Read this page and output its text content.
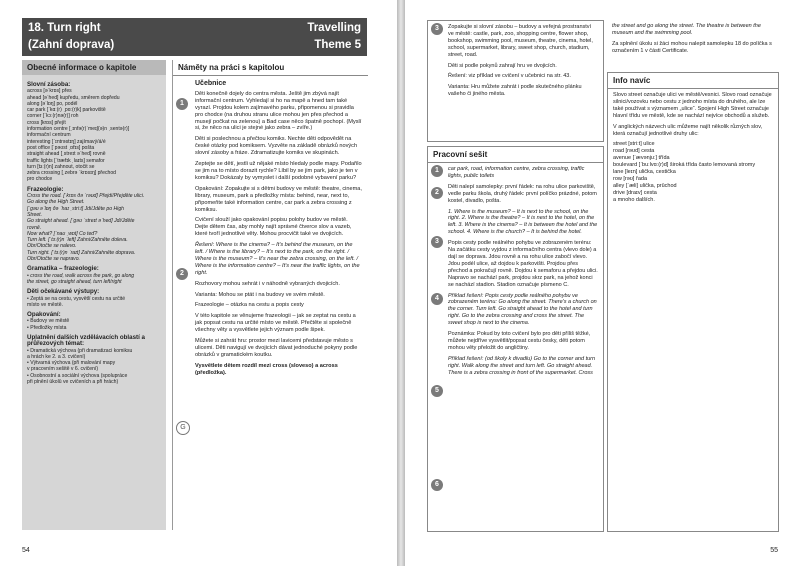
18. Turn right
(Zahní doprava)
Travelling
Theme 5
Obecné informace o kapitole
Slovní zásoba:
across [əˈkrɒs] přes
ahead [əˈhed] kupředu, směrem dopředu
along [əˈlɒŋ] po, podél
car park [ˈkɑː(r) ˌpɑː(r)k] parkoviště
corner [ˈkɔː(r)nə(r)] roh
cross [krɒs] přejít
information centre [ˌɪnfə(r)ˈmeɪʃ(ə)n ˌsentə(r)]
informační centrum
interesting [ˈɪntrəstɪŋ] zajímavý/á/é
post office [ˈpəʊst ˌɒfɪs] pošta
straight ahead [ˌstreɪt əˈhed] rovně
traffic lights [ˈtræfɪk ˌlaɪts] semafor
turn [tɜː(r)n] zahnout, otočit se
zebra crossing [ˌzebrə ˈkrɒsɪŋ] přechod
pro chodce
Frazeologie:
Cross the road. [ˈkrɒs ðə ˈrəʊd] Přejdi/Přejděte ulici.
Go along the High Street.
[ˈɡəʊ əˈlɒŋ ðə ˈhaɪ ˌstriːt] Jdi/Jděte po High
Street.
Go straight ahead. [ˈɡəʊ ˈstreɪt əˈhed] Jdi/Jděte
rovně.
Now what? [ˈnaʊ ˌwɒt] Co teď?
Turn left. [ˈtɜː(r)n ˈleft] Zahni/Zahněte doleva.
Obr/Otočte se nalevo.
Turn right. [ˈtɜː(r)n ˈraɪt] Zahni/Zahněte doprava.
Obr/Otočte se napravo.
Gramatika – frazeologie:
• cross the road, walk across the park, go along
the street, go straight ahead, turn left/right
Děti očekávané výstupy:
• Zeptá se na cestu, vysvětlí cestu na určité
místo ve městě.
Opakování:
• Budovy ve městě
• Předložky místa
Uplatnění dalších vzdělávacích oblastí a průřezových témat:
• Dramatická výchova (při dramatizaci komiksu
a hrách ke 2. a 3. cvičení)
• Výtvarná výchova (při malování mapy
v pracovním sešitě v 6. cvičení)
• Osobnostní a sociální výchova (spolupráce
při plnění úkolů ve cvičeních a při hrách)
Náměty na práci s kapitolou
Učebnice
1
Děti konečně dojely do centra města. Ještě jim zbývá najít informační centrum. Vyhledají si ho na mapě a hned tam také vyrazí. Projdou kolem zajímavého parku, připomenou si pravidla pro chodce (na druhou stranu ulice mohou jen přes přechod a musejí počkat na zelenou) a Bad case něco špatně pochopí. (Myslí si, že něco na ulici je stejné jako zebra – zvíře.)
Děti si poslechnou a přečtou komiks. Nechte děti odpovědět na české otázky pod komiksem. Vyzvěte na základě obrázků nových slovní zásoby a fráze. Zdramatizujte komiks ve skupinách.
Zeptejte se dětí, jestli už nějaké místo hledaly podle mapy. Podařilo se jim na to místo dorazit rychle? Líbil by se jim park, jako je ten v komiksu? Dokázaly by vymyslet i další podobné vybavení parku?
2
Opakování: Zopakujte si s dětmi budovy ve městě: theatre, cinema, library, museum, park a předložky místa: behind, near, next to, připomeňte také information centre, car park a zebra crossing z komiksu.
Cvičení slouží jako opakování popisu polohy budov ve městě. Dejte dětem čas, aby mohly najít správné čtverce slov a vazeb, které tvoří jednotlivé věty. Mohou procvičit také ve dvojicích.
Řešení: Where is the cinema? – It's behind the museum, on the left. / Where is the library? – It's next to the park, on the right. / Where is the museum? – It's near the zebra crossing, on the left. / Where is the information centre? – It's near the traffic lights, on the right.
Rozhovory mohou sehrát i v náhodně vybraných dvojicích.
Varianta: Mohou se ptát i na budovy ve svém městě.
G
Frazeologie – otázka na cestu a popis cesty
V této kapitole se věnujeme frazeologii – jak se zeptat na cestu a jak popsat cestu na určité místo ve městě. Přečtěte si společně všechny věty a vysvětlete jejich význam podle šipek.
Můžete si zahrát hru: prostor mezi lavicemi představuje město s ulicemi. Děti navigují ve dvojicích dávat jednoduché pokyny podle obrázků v gramatickém koutku.
Vysvětlete dětem rozdíl mezi cross (sloveso) a across (předložka).
54
3	Zopakujte si slovní zásobu – budovy a veřejná prostranství ve městě: castle, park, zoo, shopping centre, flower shop, bookshop, swimming pool, museum, theatre, cinema, hotel, school, supermarket, library, sweet shop, church, stadium, street, road.
Děti si podle pokynů zahrají hru ve dvojicích.
Řešení: viz příklad ve cvičení v učebnici na str. 43.
Varianta: Hru můžete zahrát i podle skutečného plánku vašeho či jiného města.
Pracovní sešit
1	car park, road, information centre, zebra crossing, traffic lights, public toilets
2
Děti nalepí samolepky: první řádek: na rohu ulice parkoviště, vedle parku škola, druhý řádek: první políčko prázdné, potom kostel, divadlo, pošta.
3
1. Where is the museum? – It is next to the school, on the right. 2. Where is the theatre? – It is next to the hotel, on the left. 3. Where is the cinema? – It is between the hotel and the school. 4. Where is the church? – It is behind the hotel.
4
Popis cesty podle reálného pohybu ve zobrazeném terénu: Na začátku cesty vyjdou z informačního centra (vlevo dole) a dají se doprava. Jdou rovně a na rohu ulice zabočí vlevo. Jdou podél ulice, až dojdou k parkovišti. Projdou přes přechod a pokračují rovně. Dojdou k semaforu a přejdou ulici. Napravo se nachází park, projdou skrz park, na jehož konci se nachází stadion. Stadion označuje písmeno C.
5
Příklad řešení: Popis cesty podle reálného pohybu ve zobrazeném terénu: Go along the street. There's a church on the corner. Turn left. Go straight ahead to the hotel and turn right. Go to the zebra crossing and cross the street. The sweet shop is next to the cinema.
Poznámka: Pokud by toto cvičení bylo pro děti příliš těžké, můžete nejdříve vysvětlit/popsat cestu česky, děti potom mohou věty přeložit do angličtiny.
6
Příklad řešení: (od školy k divadlu) Go to the corner and turn right. Walk along the street and turn left. Go straight ahead. There is a zebra crossing in front of the supermarket. Cross
the street and go along the street. The theatre is between the museum and the swimming pool.
Za splnění úkolu si žáci mohou nalepit samolepku 18 do políčka s označením 1 v části Certificate.
Info navíc
Slovo street označuje ulici ve městě/vesnici. Slovo road označuje silnici/vozovku nebo cestu z jednoho místa do druhého, ale lze také používat s významem „ulice“. Spojení High Street označuje hlavní třídu ve městě, kde se nachází nejvíce obchodů a služeb.
V anglických názvech ulic můžeme najít několik různých slov, která označují jednotlivé druhy ulic:
street [striːt] ulice
road [rəʊd] cesta
avenue [ˈævənjuː] třída
boulevard [ˈbuːlvɑː(r)d] široká třída často lemovaná stromy
lane [leɪn] ulička, cestička
row [rəʊ] řada
alley [ˈæli] ulička, průchod
drive [draɪv] cesta
a mnoho dalších.
55
